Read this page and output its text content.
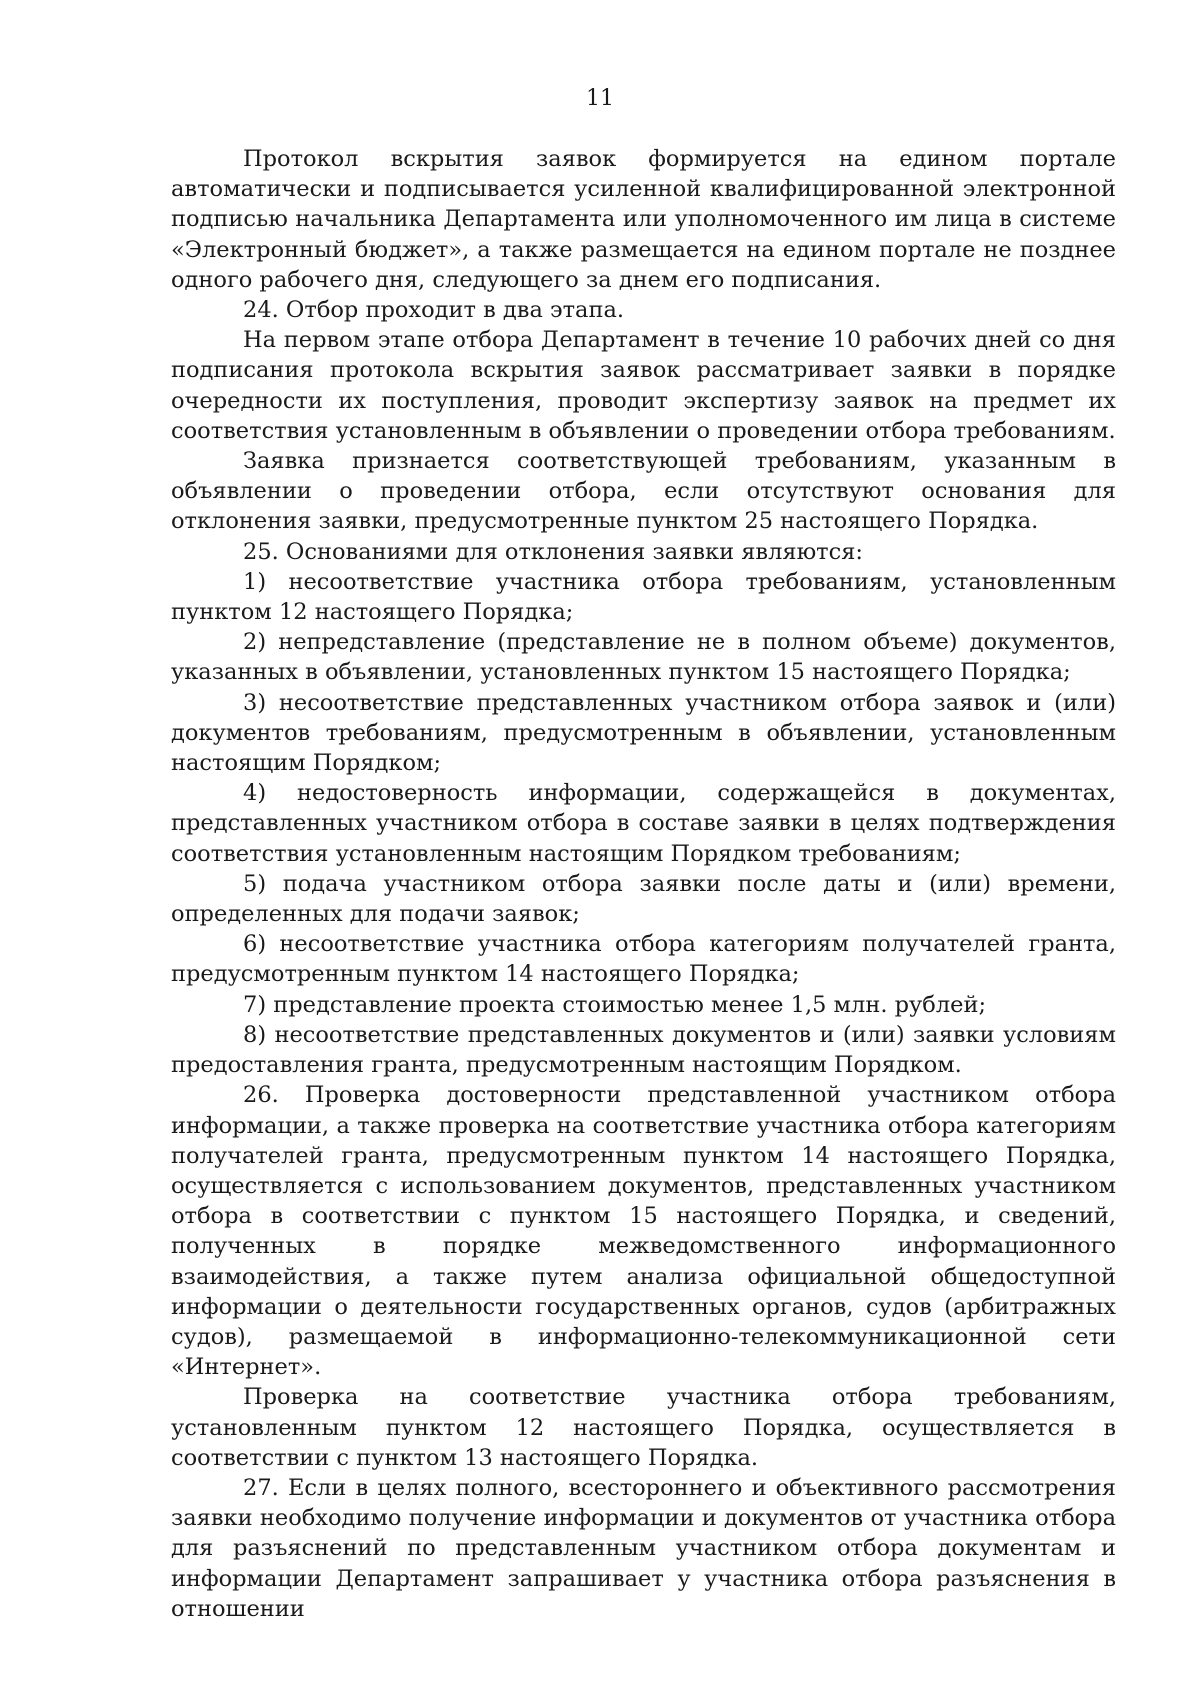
11

Протокол вскрытия заявок формируется на едином портале автоматически и подписывается усиленной квалифицированной электронной подписью начальника Департамента или уполномоченного им лица в системе «Электронный бюджет», а также размещается на едином портале не позднее одного рабочего дня, следующего за днем его подписания.

24. Отбор проходит в два этапа.

На первом этапе отбора Департамент в течение 10 рабочих дней со дня подписания протокола вскрытия заявок рассматривает заявки в порядке очередности их поступления, проводит экспертизу заявок на предмет их соответствия установленным в объявлении о проведении отбора требованиям.

Заявка признается соответствующей требованиям, указанным в объявлении о проведении отбора, если отсутствуют основания для отклонения заявки, предусмотренные пунктом 25 настоящего Порядка.

25. Основаниями для отклонения заявки являются:

1) несоответствие участника отбора требованиям, установленным пунктом 12 настоящего Порядка;

2) непредставление (представление не в полном объеме) документов, указанных в объявлении, установленных пунктом 15 настоящего Порядка;

3) несоответствие представленных участником отбора заявок и (или) документов требованиям, предусмотренным в объявлении, установленным настоящим Порядком;

4) недостоверность информации, содержащейся в документах, представленных участником отбора в составе заявки в целях подтверждения соответствия установленным настоящим Порядком требованиям;

5) подача участником отбора заявки после даты и (или) времени, определенных для подачи заявок;

6) несоответствие участника отбора категориям получателей гранта, предусмотренным пунктом 14 настоящего Порядка;

7) представление проекта стоимостью менее 1,5 млн. рублей;

8) несоответствие представленных документов и (или) заявки условиям предоставления гранта, предусмотренным настоящим Порядком.

26. Проверка достоверности представленной участником отбора информации, а также проверка на соответствие участника отбора категориям получателей гранта, предусмотренным пунктом 14 настоящего Порядка, осуществляется с использованием документов, представленных участником отбора в соответствии с пунктом 15 настоящего Порядка, и сведений, полученных в порядке межведомственного информационного взаимодействия, а также путем анализа официальной общедоступной информации о деятельности государственных органов, судов (арбитражных судов), размещаемой в информационно-телекоммуникационной сети «Интернет».

Проверка на соответствие участника отбора требованиям, установленным пунктом 12 настоящего Порядка, осуществляется в соответствии с пунктом 13 настоящего Порядка.

27. Если в целях полного, всестороннего и объективного рассмотрения заявки необходимо получение информации и документов от участника отбора для разъяснений по представленным участником отбора документам и информации Департамент запрашивает у участника отбора разъяснения в отношении
